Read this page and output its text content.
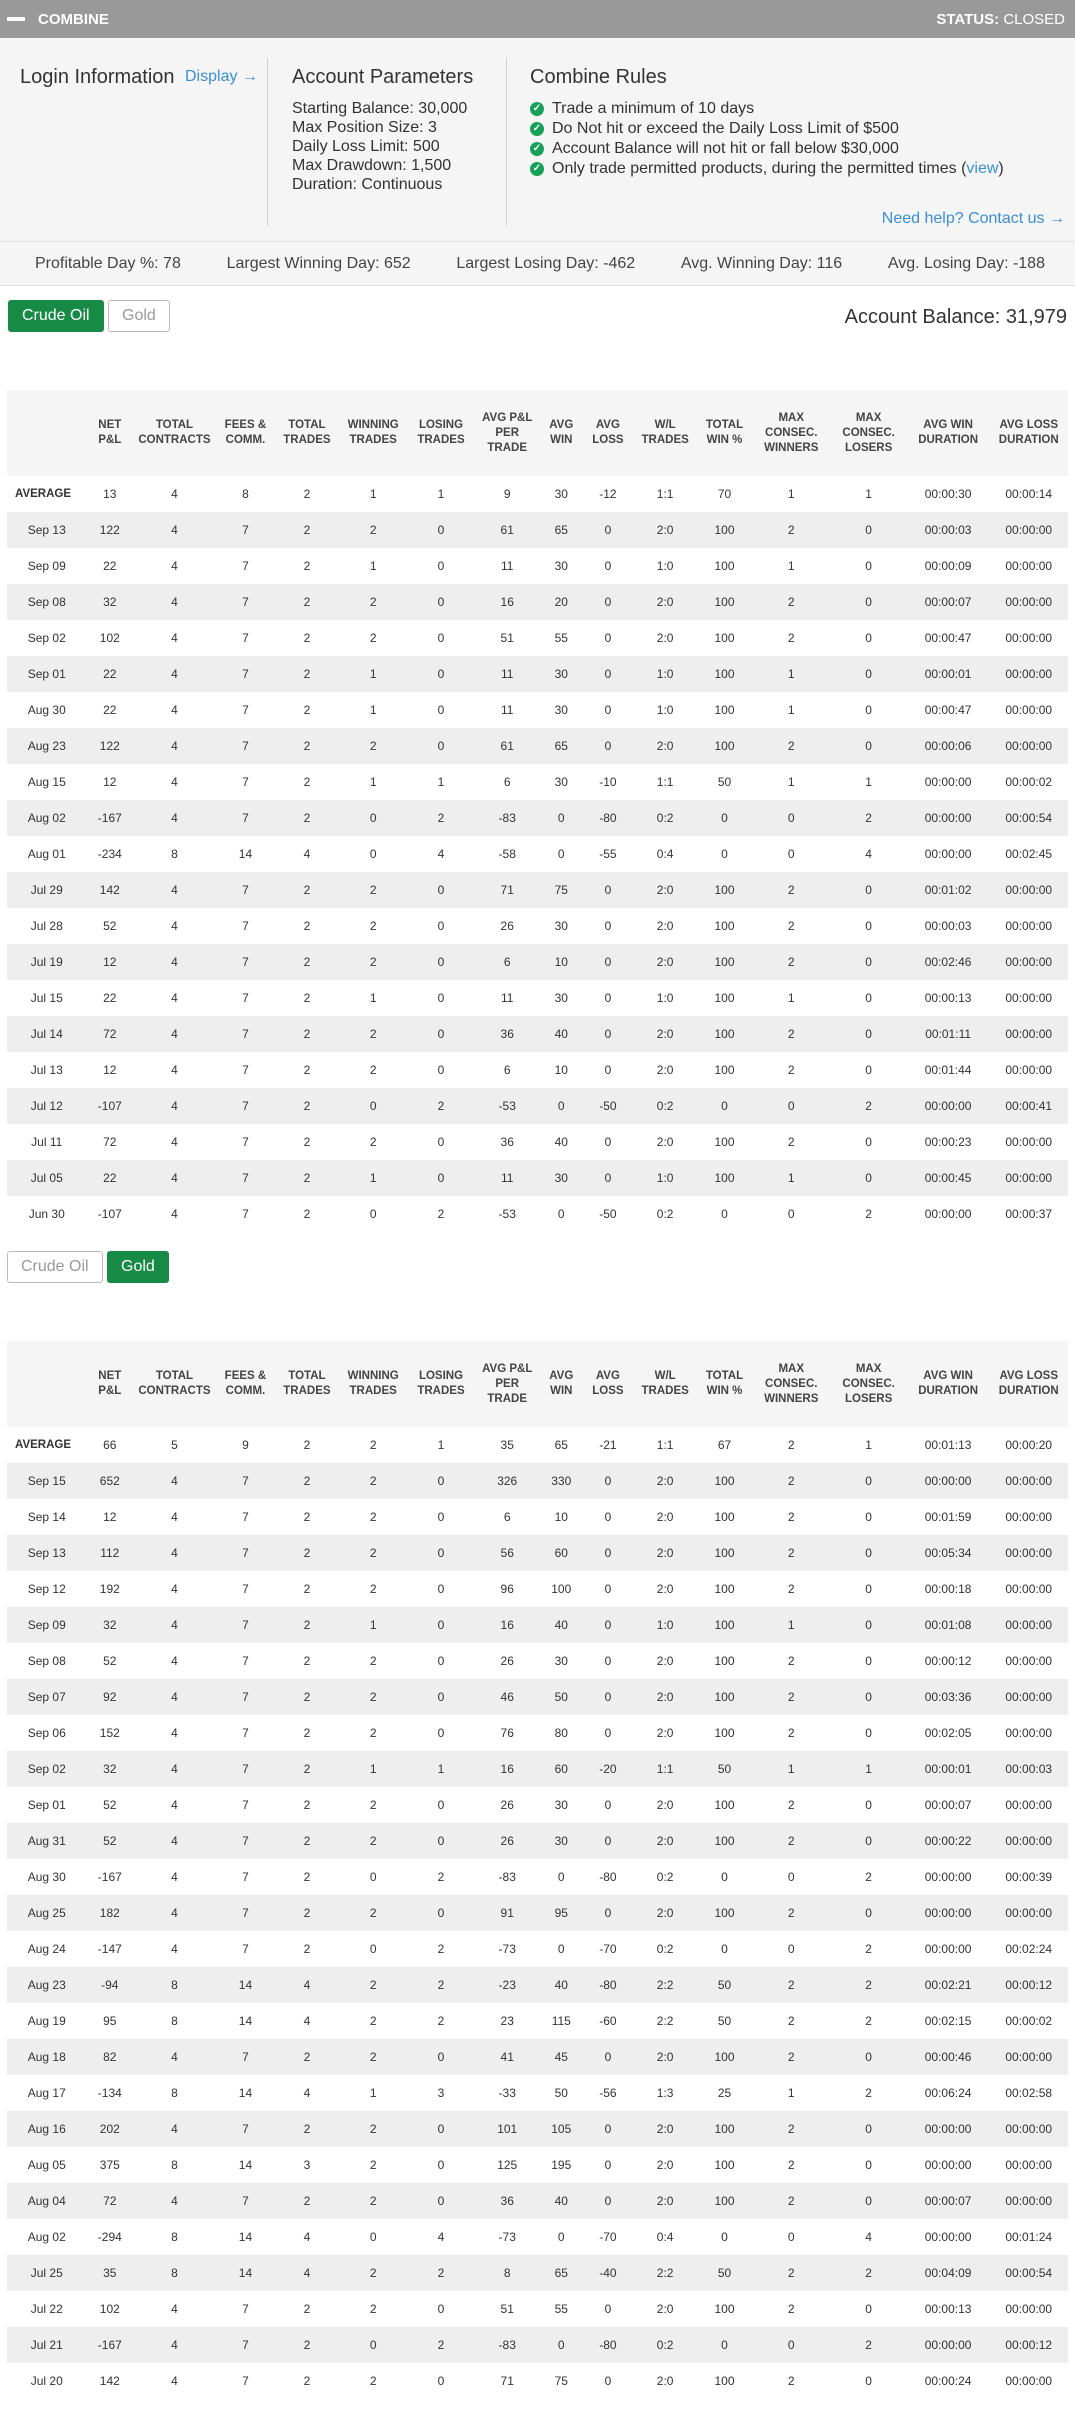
COMBINE	STATUS: CLOSED
Login Information Display → Account Parameters
Starting Balance: 30,000
Max Position Size: 3
Daily Loss Limit: 500
Max Drawdown: 1,500
Duration: Continuous
Combine Rules
✓ Trade a minimum of 10 days
✓ Do Not hit or exceed the Daily Loss Limit of $500
✓ Account Balance will not hit or fall below $30,000
✓ Only trade permitted products, during the permitted times ( view )
Need help? Contact us →
Profitable Day %: 78	Largest Winning Day: 652	Largest Losing Day: -462	Avg. Winning Day: 116	Avg. Losing Day: -188
Crude Oil	Gold	Account Balance: 31,979
	NET P&L	TOTAL CONTRACTS	FEES & COMM.	TOTAL TRADES	WINNING TRADES	LOSING TRADES	AVG P&L PER TRADE	AVG WIN	AVG LOSS	W/L TRADES	TOTAL WIN %	MAX CONSEC. WINNERS	MAX CONSEC. LOSERS	AVG WIN DURATION	AVG LOSS DURATION
AVERAGE	13	4	8	2	1	1	9	30	-12	1:1	70	1	1	00:00:30	00:00:14
Sep 13	122	4	7	2	2	0	61	65	0	2:0	100	2	0	00:00:03	00:00:00
Sep 09	22	4	7	2	1	0	11	30	0	1:0	100	1	0	00:00:09	00:00:00
Sep 08	32	4	7	2	2	0	16	20	0	2:0	100	2	0	00:00:07	00:00:00
Sep 02	102	4	7	2	2	0	51	55	0	2:0	100	2	0	00:00:47	00:00:00
Sep 01	22	4	7	2	1	0	11	30	0	1:0	100	1	0	00:00:01	00:00:00
Aug 30	22	4	7	2	1	0	11	30	0	1:0	100	1	0	00:00:47	00:00:00
Aug 23	122	4	7	2	2	0	61	65	0	2:0	100	2	0	00:00:06	00:00:00
Aug 15	12	4	7	2	1	1	6	30	-10	1:1	50	1	1	00:00:00	00:00:02
Aug 02	-167	4	7	2	0	2	-83	0	-80	0:2	0	0	2	00:00:00	00:00:54
Aug 01	-234	8	14	4	0	4	-58	0	-55	0:4	0	0	4	00:00:00	00:02:45
Jul 29	142	4	7	2	2	0	71	75	0	2:0	100	2	0	00:01:02	00:00:00
Jul 28	52	4	7	2	2	0	26	30	0	2:0	100	2	0	00:00:03	00:00:00
Jul 19	12	4	7	2	2	0	6	10	0	2:0	100	2	0	00:02:46	00:00:00
Jul 15	22	4	7	2	1	0	11	30	0	1:0	100	1	0	00:00:13	00:00:00
Jul 14	72	4	7	2	2	0	36	40	0	2:0	100	2	0	00:01:11	00:00:00
Jul 13	12	4	7	2	2	0	6	10	0	2:0	100	2	0	00:01:44	00:00:00
Jul 12	-107	4	7	2	0	2	-53	0	-50	0:2	0	0	2	00:00:00	00:00:41
Jul 11	72	4	7	2	2	0	36	40	0	2:0	100	2	0	00:00:23	00:00:00
Jul 05	22	4	7	2	1	0	11	30	0	1:0	100	1	0	00:00:45	00:00:00
Jun 30	-107	4	7	2	0	2	-53	0	-50	0:2	0	0	2	00:00:00	00:00:37
Crude Oil	Gold
	NET P&L	TOTAL CONTRACTS	FEES & COMM.	TOTAL TRADES	WINNING TRADES	LOSING TRADES	AVG P&L PER TRADE	AVG WIN	AVG LOSS	W/L TRADES	TOTAL WIN %	MAX CONSEC. WINNERS	MAX CONSEC. LOSERS	AVG WIN DURATION	AVG LOSS DURATION
AVERAGE	66	5	9	2	2	1	35	65	-21	1:1	67	2	1	00:01:13	00:00:20
Sep 15	652	4	7	2	2	0	326	330	0	2:0	100	2	0	00:00:00	00:00:00
Sep 14	12	4	7	2	2	0	6	10	0	2:0	100	2	0	00:01:59	00:00:00
Sep 13	112	4	7	2	2	0	56	60	0	2:0	100	2	0	00:05:34	00:00:00
Sep 12	192	4	7	2	2	0	96	100	0	2:0	100	2	0	00:00:18	00:00:00
Sep 09	32	4	7	2	1	0	16	40	0	1:0	100	1	0	00:01:08	00:00:00
Sep 08	52	4	7	2	2	0	26	30	0	2:0	100	2	0	00:00:12	00:00:00
Sep 07	92	4	7	2	2	0	46	50	0	2:0	100	2	0	00:03:36	00:00:00
Sep 06	152	4	7	2	2	0	76	80	0	2:0	100	2	0	00:02:05	00:00:00
Sep 02	32	4	7	2	1	1	16	60	-20	1:1	50	1	1	00:00:01	00:00:03
Sep 01	52	4	7	2	2	0	26	30	0	2:0	100	2	0	00:00:07	00:00:00
Aug 31	52	4	7	2	2	0	26	30	0	2:0	100	2	0	00:00:22	00:00:00
Aug 30	-167	4	7	2	0	2	-83	0	-80	0:2	0	0	2	00:00:00	00:00:39
Aug 25	182	4	7	2	2	0	91	95	0	2:0	100	2	0	00:00:00	00:00:00
Aug 24	-147	4	7	2	0	2	-73	0	-70	0:2	0	0	2	00:00:00	00:02:24
Aug 23	-94	8	14	4	2	2	-23	40	-80	2:2	50	2	2	00:02:21	00:00:12
Aug 19	95	8	14	4	2	2	23	115	-60	2:2	50	2	2	00:02:15	00:00:02
Aug 18	82	4	7	2	2	0	41	45	0	2:0	100	2	0	00:00:46	00:00:00
Aug 17	-134	8	14	4	1	3	-33	50	-56	1:3	25	1	2	00:06:24	00:02:58
Aug 16	202	4	7	2	2	0	101	105	0	2:0	100	2	0	00:00:00	00:00:00
Aug 05	375	8	14	3	2	0	125	195	0	2:0	100	2	0	00:00:00	00:00:00
Aug 04	72	4	7	2	2	0	36	40	0	2:0	100	2	0	00:00:07	00:00:00
Aug 02	-294	8	14	4	0	4	-73	0	-70	0:4	0	0	4	00:00:00	00:01:24
Jul 25	35	8	14	4	2	2	8	65	-40	2:2	50	2	2	00:04:09	00:00:54
Jul 22	102	4	7	2	2	0	51	55	0	2:0	100	2	0	00:00:13	00:00:00
Jul 21	-167	4	7	2	0	2	-83	0	-80	0:2	0	0	2	00:00:00	00:00:12
Jul 20	142	4	7	2	2	0	71	75	0	2:0	100	2	0	00:00:24	00:00:00
